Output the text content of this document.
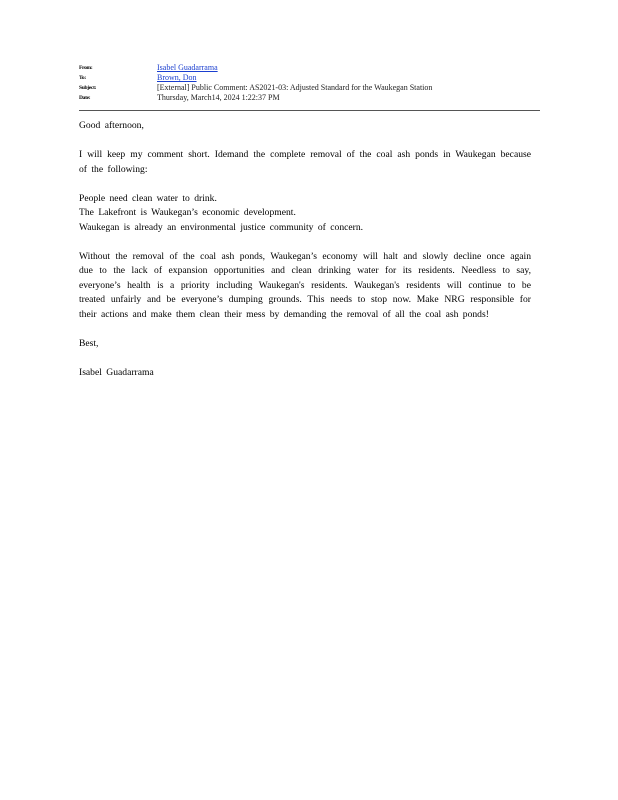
From:	Isabel Guadarrama
To:	Brown, Don
Subject:	[External] Public Comment: AS2021-03: Adjusted Standard for the Waukegan Station
Date:	Thursday, March14, 2024 1:22:37 PM

Good afternoon,

I will keep my comment short. Idemand the complete removal of the coal ash ponds in Waukegan because of the following:

People need clean water to drink.
The Lakefront is Waukegan’s economic development.
Waukegan is already an environmental justice community of concern.

Without the removal of the coal ash ponds, Waukegan’s economy will halt and slowly decline once again due to the lack of expansion opportunities and clean drinking water for its residents. Needless to say, everyone’s health is a priority including Waukegan's residents. Waukegan's residents will continue to be treated unfairly and be everyone’s dumping grounds. This needs to stop now. Make NRG responsible for their actions and make them clean their mess by demanding the removal of all the coal ash ponds!

Best,

Isabel Guadarrama
